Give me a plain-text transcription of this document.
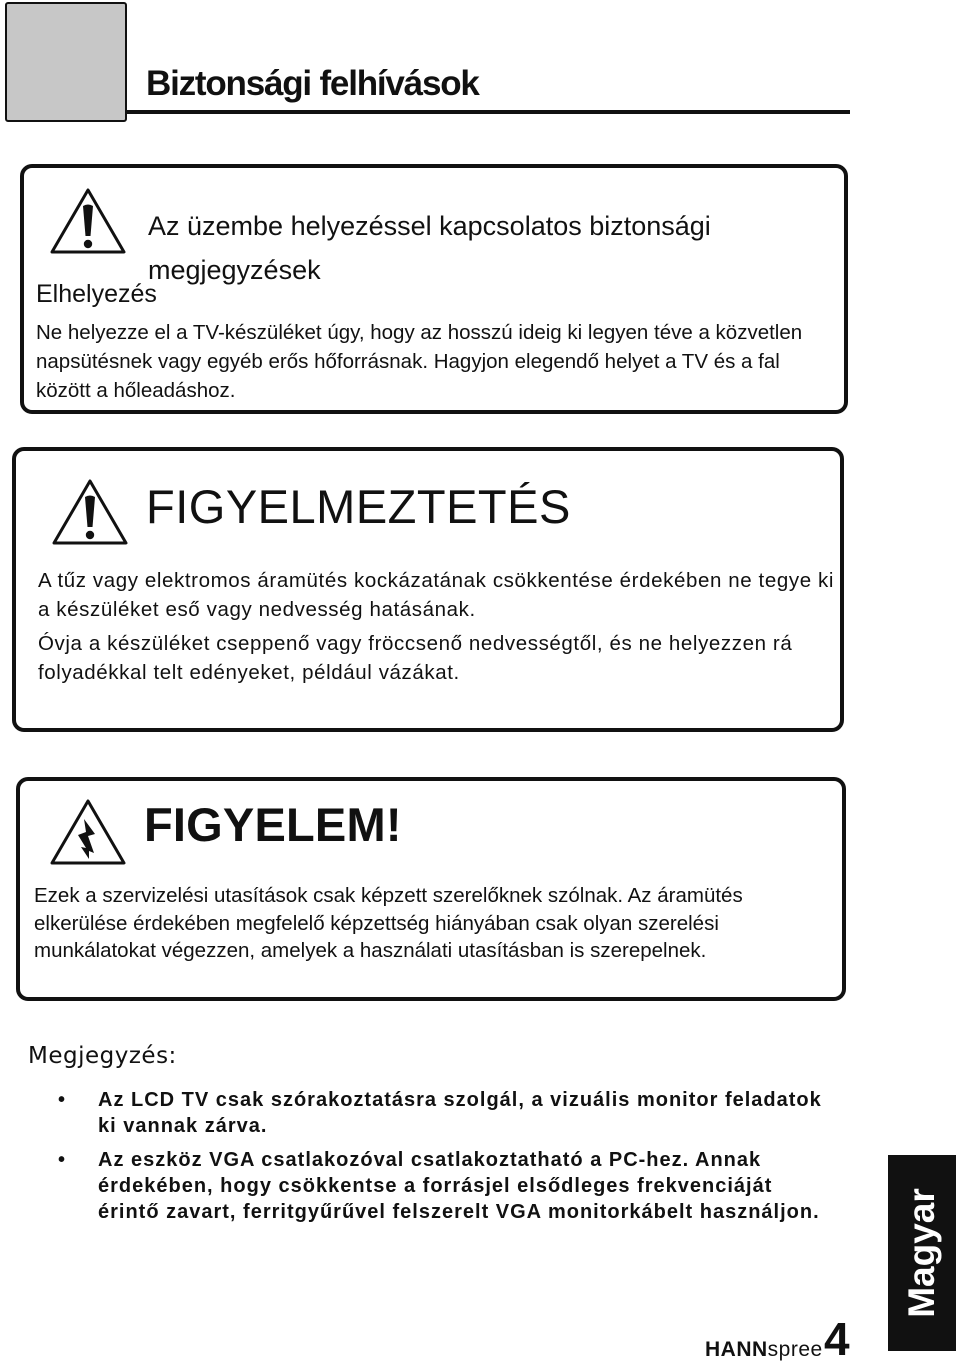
Biztonsági felhívások
Az üzembe helyezéssel kapcsolatos biztonsági megjegyzések
Elhelyezés
Ne helyezze el a TV-készüléket úgy, hogy az hosszú ideig ki legyen téve a közvetlen napsütésnek vagy egyéb erős hőforrásnak. Hagyjon elegendő helyet a TV és a fal között a hőleadáshoz.
FIGYELMEZTETÉS

A tűz vagy elektromos áramütés kockázatának csökkentése érdekében ne tegye ki a készüléket eső vagy nedvesség hatásának.

Óvja a készüléket cseppenő vagy fröccsenő nedvességtől, és ne helyezzen rá folyadékkal telt edényeket, például vázákat.

FIGYELEM!
Ezek a szervizelési utasítások csak képzett szerelőknek szólnak. Az áramütés elkerülése érdekében megfelelő képzettség hiányában csak olyan szerelési munkálatokat végezzen, amelyek a használati utasításban is szerepelnek.
Megjegyzés:
• Az LCD TV csak szórakoztatásra szolgál, a vizuális monitor feladatok ki vannak zárva.
• Az eszköz VGA csatlakozóval csatlakoztatható a PC-hez. Annak érdekében, hogy csökkentse a forrásjel elsődleges frekvenciáját érintő zavart, ferritgyűrűvel felszerelt VGA monitorkábelt használjon.	Magyar
HANNspree 4
